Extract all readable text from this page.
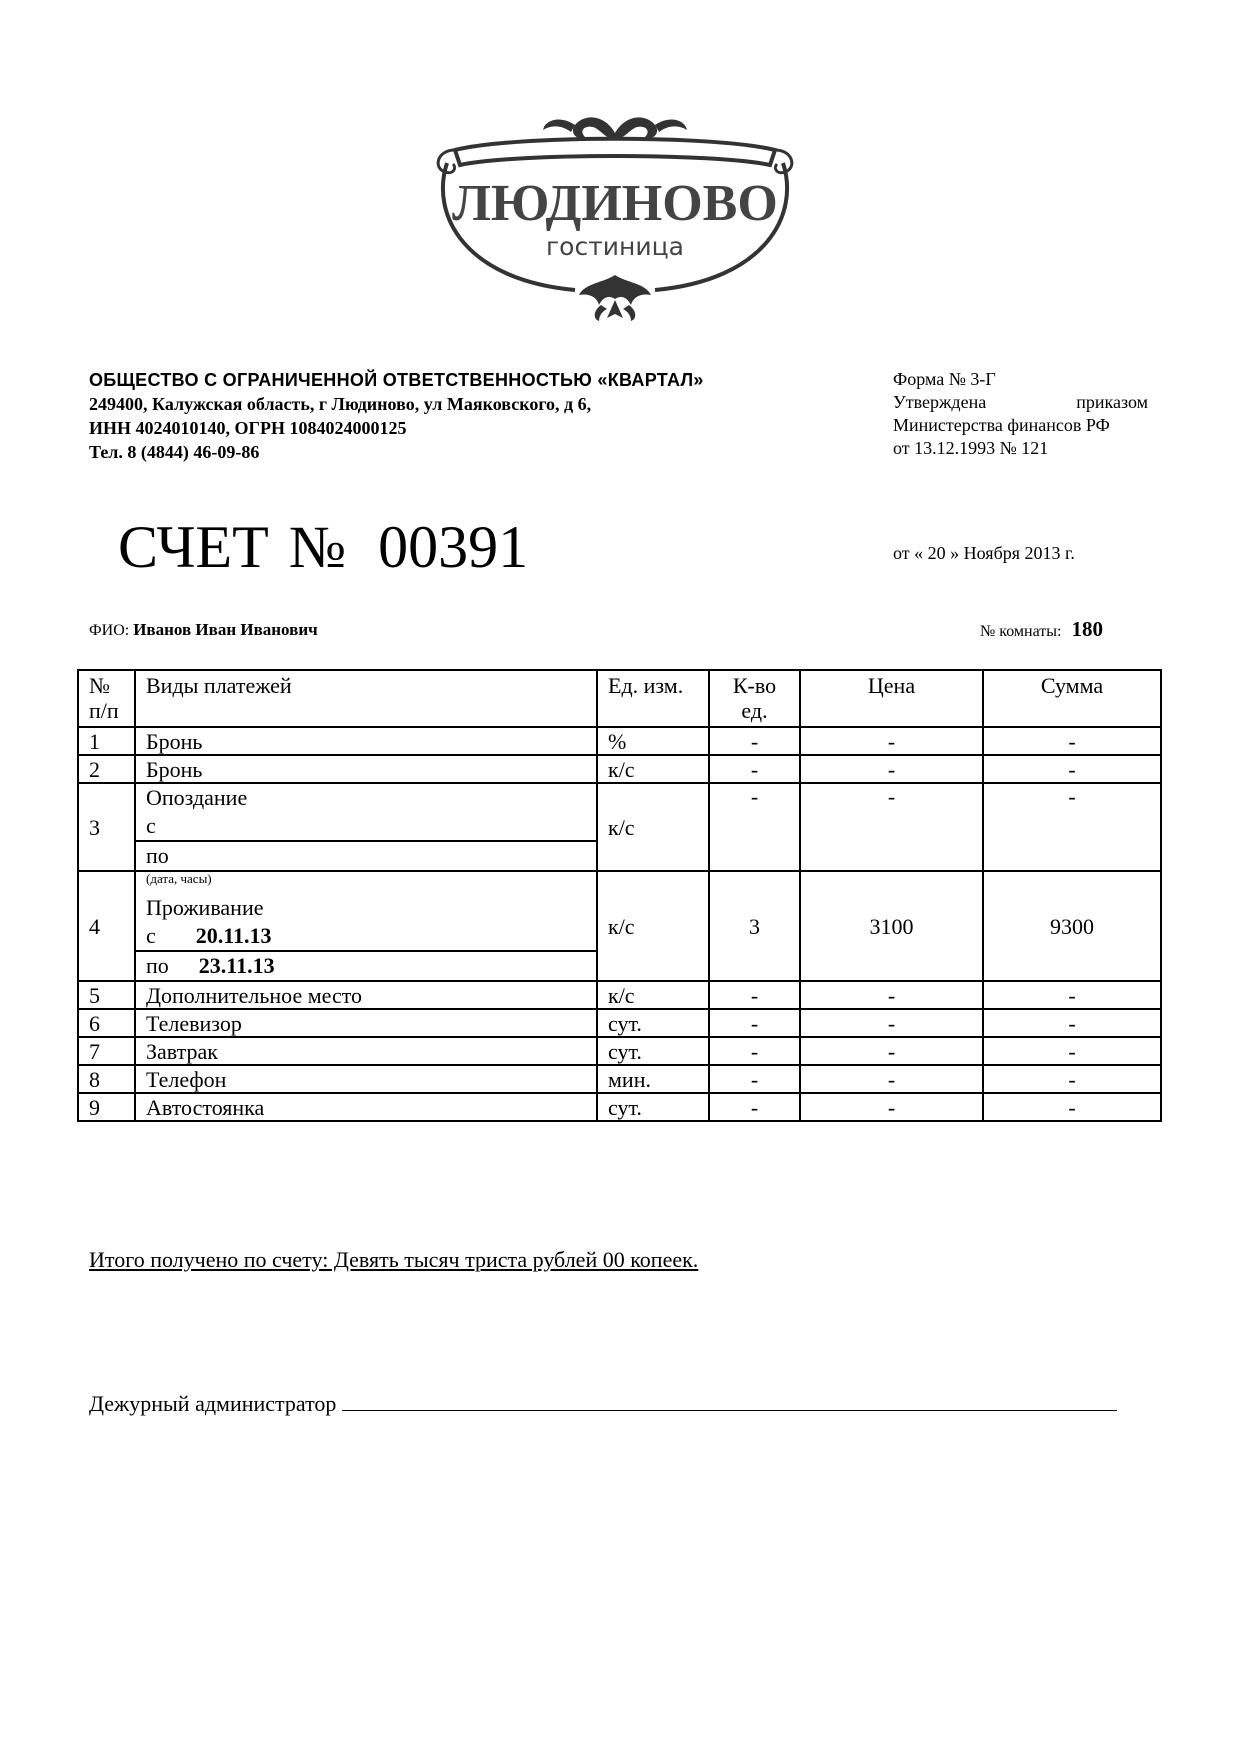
ЛЮДИНОВО
гостиница
ОБЩЕСТВО С ОГРАНИЧЕННОЙ ОТВЕТСТВЕННОСТЬЮ «КВАРТАЛ»
249400, Калужская область, г Людиново, ул Маяковского, д 6,
ИНН 4024010140, ОГРН 1084024000125
Тел. 8 (4844) 46-09-86
Форма № 3-Г
Утверждена	приказом
Министерства финансов РФ
от 13.12.1993 № 121
СЧЕТ № 00391	от « 20 » Ноября 2013 г.
ФИО: Иванов Иван Иванович	№ комнаты: 180
№ п/п	Виды платежей	Ед. изм.	К-во ед.	Цена	Сумма
1	Бронь	%	-	-	-
2	Бронь	к/с	-	-	-
3	Опоздание
с
по	к/с	-	-	-
4	(дата, часы)
Проживание
с 20.11.13
по 23.11.13	к/с	3	3100	9300
5	Дополнительное место	к/с	-	-	-
6	Телевизор	сут.	-	-	-
7	Завтрак	сут.	-	-	-
8	Телефон	мин.	-	-	-
9	Автостоянка	сут.	-	-	-
Итого получено по счету: Девять тысяч триста рублей 00 копеек.
Дежурный администратор
